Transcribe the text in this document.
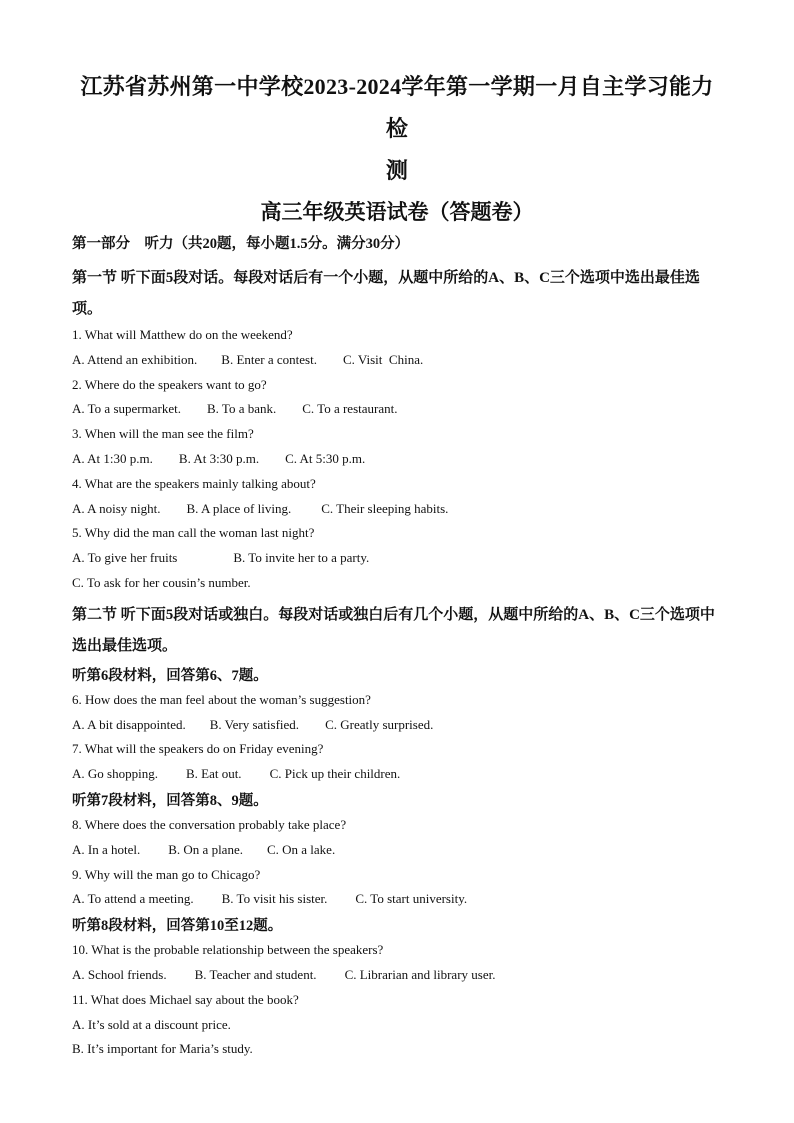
江苏省苏州第一中学校2023-2024学年第一学期一月自主学习能力检
测
高三年级英语试卷（答题卷）
第一部分    听力（共20题，每小题1.5分。满分30分）
第一节 听下面5段对话。每段对话后有一个小题，从题中所给的A、B、C三个选项中选出最佳选项。
1. What will Matthew do on the weekend?
A. Attend an exhibition. B. Enter a contest. C. Visit  China.
2. Where do the speakers want to go?
A. To a supermarket. B. To a bank. C. To a restaurant.
3. When will the man see the film?
A. At 1:30 p.m. B. At 3:30 p.m. C. At 5:30 p.m.
4. What are the speakers mainly talking about?
A. A noisy night. B. A place of living. C. Their sleeping habits.
5. Why did the man call the woman last night?
A. To give her fruits	B. To invite her to a party.
C. To ask for her cousin’s number.
第二节 听下面5段对话或独白。每段对话或独白后有几个小题，从题中所给的A、B、C三个选项中选出最佳选项。
听第6段材料，回答第6、7题。
6. How does the man feel about the woman’s suggestion?
A. A bit disappointed. B. Very satisfied. C. Greatly surprised.
7. What will the speakers do on Friday evening?
A. Go shopping. B. Eat out. C. Pick up their children.
听第7段材料，回答第8、9题。
8. Where does the conversation probably take place?
A. In a hotel. B. On a plane. C. On a lake.
9. Why will the man go to Chicago?
A. To attend a meeting. B. To visit his sister. C. To start university.
听第8段材料，回答第10至12题。
10. What is the probable relationship between the speakers?
A. School friends. B. Teacher and student. C. Librarian and library user.
11. What does Michael say about the book?
A. It’s sold at a discount price.
B. It’s important for Maria’s study.
